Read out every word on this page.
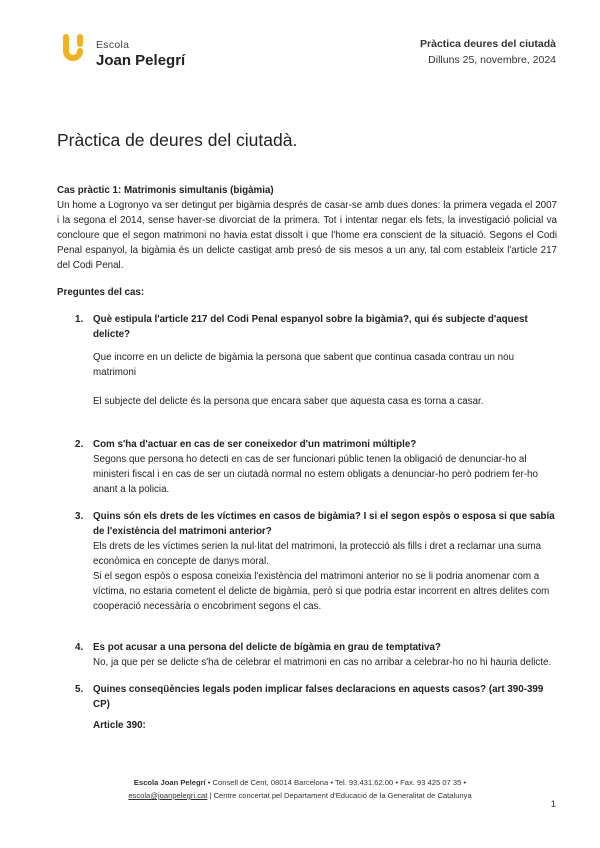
Escola
Joan Pelegrí
Pràctica deures del ciutadà
Dilluns 25, novembre, 2024
Pràctica de deures del ciutadà.
Cas pràctic 1: Matrimonis simultanis (bigàmia)
Un home a Logronyo va ser detingut per bigàmia després de casar-se amb dues dones: la primera vegada el 2007 i la segona el 2014, sense haver-se divorciat de la primera. Tot i intentar negar els fets, la investigació policial va concloure que el segon matrimoni no havia estat dissolt i que l'home era conscient de la situació. Segons el Codi Penal espanyol, la bigàmia és un delicte castigat amb presó de sis mesos a un any, tal com estableix l'article 217 del Codi Penal.
Preguntes del cas:
1. Què estipula l'article 217 del Codi Penal espanyol sobre la bigàmia?, qui és subjecte d'aquest delicte?

Que incorre en un delicte de bigàmia la persona que sabent que continua casada contrau un nou matrimoni

El subjecte del delicte és la persona que encara saber que aquesta casa es torna a casar.

2. Com s'ha d'actuar en cas de ser coneixedor d'un matrimoni múltiple?

Segons que persona ho detecti en cas de ser funcionari públic tenen la obligació de denunciar-ho al ministeri fiscal i en cas de ser un ciutadà normal no estem obligats a denunciar-ho però podriem fer-ho anant a la policia.

3. Quins són els drets de les víctimes en casos de bigàmia? I si el segon espòs o esposa si que sabía de l'existència del matrimoni anterior?

Els drets de les víctimes serien la nul·litat del matrimoni, la protecció als fills i dret a reclamar una suma econòmica en concepte de danys moral.

Si el segon espòs o esposa coneixia l'existència del matrimoni anterior no se li podria anomenar com a víctima, no estaria cometent el delicte de bigàmia, però si que podria estar incorrent en altres delites com cooperació necessària o encobriment segons el cas.

4. Es pot acusar a una persona del delicte de bígàmia en grau de temptativa?

No, ja que per se delicte s'ha de celebrar el matrimoni en cas no arribar a celebrar-ho no hi hauria delicte.

5. Quines conseqüències legals poden implicar falses declaracions en aquests casos? (art 390-399 CP)

Article 390:

Escola Joan Pelegrí • Consell de Cent, 08014 Barcelona • Tel. 93.431.62.00 • Fax. 93 425 07 35 •
escola@joanpelegri.cat | Centre concertat pel Departament d'Educació de la Generalitat de Catalunya
1
